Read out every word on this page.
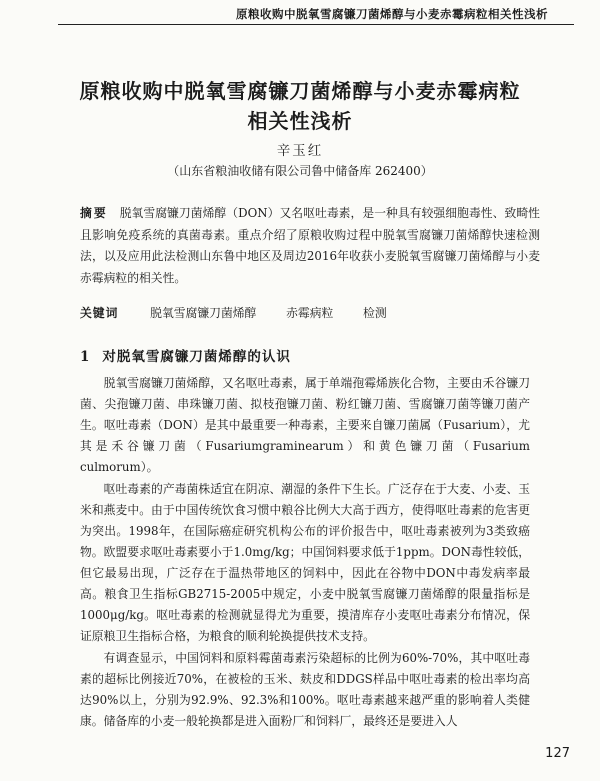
原粮收购中脱氧雪腐镰刀菌烯醇与小麦赤霉病粒相关性浅析
原粮收购中脱氧雪腐镰刀菌烯醇与小麦赤霉病粒
相关性浅析
辛玉红
（山东省粮油收储有限公司鲁中储备库 262400）
摘要 脱氧雪腐镰刀菌烯醇（DON）又名呕吐毒素，是一种具有较强细胞毒性、致畸性且影响免疫系统的真菌毒素。重点介绍了原粮收购过程中脱氧雪腐镰刀菌烯醇快速检测法，以及应用此法检测山东鲁中地区及周边2016年收获小麦脱氧雪腐镰刀菌烯醇与小麦赤霉病粒的相关性。
关键词	脱氧雪腐镰刀菌烯醇	赤霉病粒	检测
1 对脱氧雪腐镰刀菌烯醇的认识

脱氧雪腐镰刀菌烯醇，又名呕吐毒素，属于单端孢霉烯族化合物，主要由禾谷镰刀菌、尖孢镰刀菌、串珠镰刀菌、拟枝孢镰刀菌、粉红镰刀菌、雪腐镰刀菌等镰刀菌产生。呕吐毒素（DON）是其中最重要一种毒素，主要来自镰刀菌属（Fusarium），尤其是禾谷镰刀菌（Fusariumgraminearum）和黄色镰刀菌（Fusarium culmorum）。

呕吐毒素的产毒菌株适宜在阴凉、潮湿的条件下生长。广泛存在于大麦、小麦、玉米和燕麦中。由于中国传统饮食习惯中粮谷比例大大高于西方，使得呕吐毒素的危害更为突出。1998年，在国际癌症研究机构公布的评价报告中，呕吐毒素被列为3类致癌物。欧盟要求呕吐毒素要小于1.0mg/kg；中国饲料要求低于1ppm。DON毒性较低，但它最易出现，广泛存在于温热带地区的饲料中，因此在谷物中DON中毒发病率最高。粮食卫生指标GB2715-2005中规定，小麦中脱氧雪腐镰刀菌烯醇的限量指标是1000μg/kg。呕吐毒素的检测就显得尤为重要，摸清库存小麦呕吐毒素分布情况，保证原粮卫生指标合格，为粮食的顺利轮换提供技术支持。

有调查显示，中国饲料和原料霉菌毒素污染超标的比例为60%-70%，其中呕吐毒素的超标比例接近70%，在被检的玉米、麸皮和DDGS样品中呕吐毒素的检出率均高达90%以上，分别为92.9%、92.3%和100%。呕吐毒素越来越严重的影响着人类健康。储备库的小麦一般轮换都是进入面粉厂和饲料厂，最终还是要进入人

127
